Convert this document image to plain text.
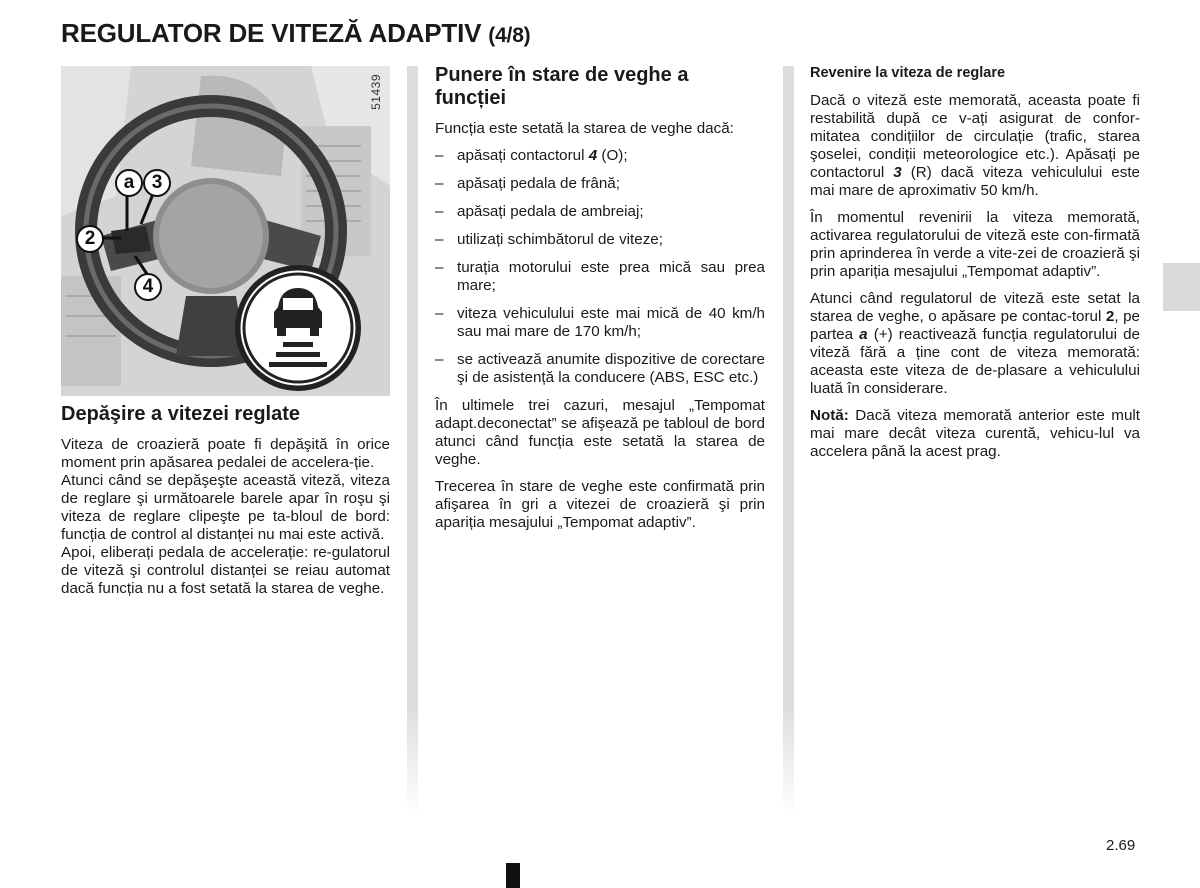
REGULATOR DE VITEZĂ ADAPTIV (4/8)
51439
a 3
2
4
Depăşire a vitezei reglate

Viteza de croazieră poate fi depăşită în orice moment prin apăsarea pedalei de accelera-ție.

Atunci când se depăşeşte această viteză, viteza de reglare şi următoarele barele apar în roşu şi viteza de reglare clipeşte pe ta-bloul de bord: funcția de control al distanței nu mai este activă.

Apoi, eliberați pedala de accelerație: re-gulatorul de viteză şi controlul distanței se reiau automat dacă funcția nu a fost setată la starea de veghe.

Punere în stare de veghe a funcției

Funcția este setată la starea de veghe dacă:

– apăsați contactorul 4 (O);
– apăsați pedala de frână;
– apăsați pedala de ambreiaj;
– utilizați schimbătorul de viteze;
– turația motorului este prea mică sau prea mare;
– viteza vehiculului este mai mică de 40 km/h sau mai mare de 170 km/h;
– se activează anumite dispozitive de corectare şi de asistență la conducere (ABS, ESC etc.)

În ultimele trei cazuri, mesajul „Tempomat adapt.deconectat” se afişează pe tabloul de bord atunci când funcția este setată la starea de veghe.

Trecerea în stare de veghe este confirmată prin afişarea în gri a vitezei de croazieră şi prin apariția mesajului „Tempomat adaptiv”.

Revenire la viteza de reglare

Dacă o viteză este memorată, aceasta poate fi restabilită după ce v-ați asigurat de confor-mitatea condițiilor de circulație (trafic, starea şoselei, condiții meteorologice etc.). Apăsați pe contactorul 3 (R) dacă viteza vehiculului este mai mare de aproximativ 50 km/h.

În momentul revenirii la viteza memorată, activarea regulatorului de viteză este con-firmată prin aprinderea în verde a vite-zei de croazieră şi prin apariția mesajului „Tempomat adaptiv”.

Atunci când regulatorul de viteză este setat la starea de veghe, o apăsare pe contac-torul 2, pe partea a (+) reactivează funcția regulatorului de viteză fără a ține cont de viteza memorată: aceasta este viteza de de-plasare a vehiculului luată în considerare.

Notă: Dacă viteza memorată anterior este mult mai mare decât viteza curentă, vehicu-lul va accelera până la acest prag.

2.69
